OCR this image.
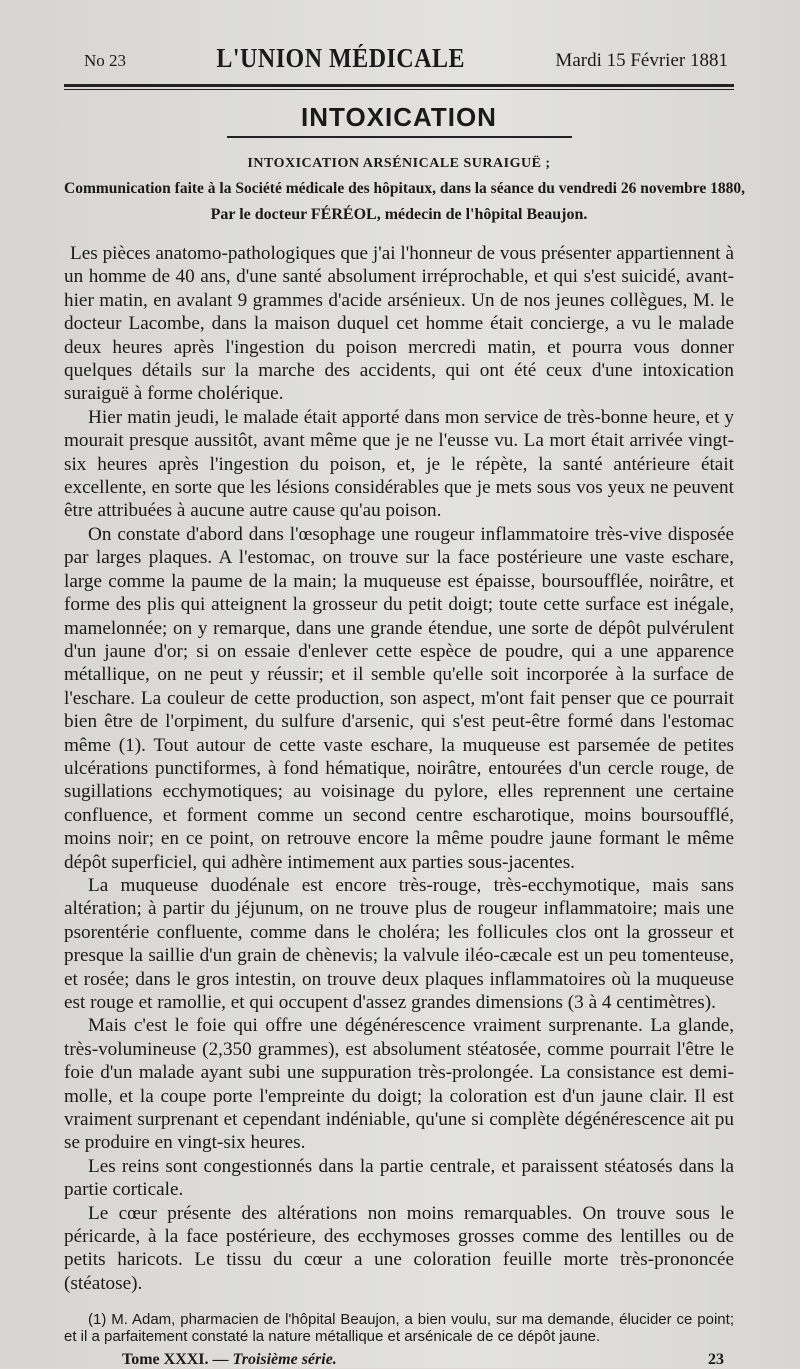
No 23	L'UNION MÉDICALE	Mardi 15 Février 1881
INTOXICATION
INTOXICATION ARSÉNICALE SURAIGUË ;
Communication faite à la Société médicale des hôpitaux, dans la séance du vendredi 26 novembre 1880,
Par le docteur FÉRÉOL, médecin de l'hôpital Beaujon.

Les pièces anatomo-pathologiques que j'ai l'honneur de vous présenter appartiennent à un homme de 40 ans, d'une santé absolument irréprochable, et qui s'est suicidé, avant-hier matin, en avalant 9 grammes d'acide arsénieux. Un de nos jeunes collègues, M. le docteur Lacombe, dans la maison duquel cet homme était concierge, a vu le malade deux heures après l'ingestion du poison mercredi matin, et pourra vous donner quelques détails sur la marche des accidents, qui ont été ceux d'une intoxication suraiguë à forme cholérique.

Hier matin jeudi, le malade était apporté dans mon service de très-bonne heure, et y mourait presque aussitôt, avant même que je ne l'eusse vu. La mort était arrivée vingt-six heures après l'ingestion du poison, et, je le répète, la santé antérieure était excellente, en sorte que les lésions considérables que je mets sous vos yeux ne peuvent être attribuées à aucune autre cause qu'au poison.

On constate d'abord dans l'œsophage une rougeur inflammatoire très-vive disposée par larges plaques. A l'estomac, on trouve sur la face postérieure une vaste eschare, large comme la paume de la main; la muqueuse est épaisse, boursoufflée, noirâtre, et forme des plis qui atteignent la grosseur du petit doigt; toute cette surface est inégale, mamelonnée; on y remarque, dans une grande étendue, une sorte de dépôt pulvérulent d'un jaune d'or; si on essaie d'enlever cette espèce de poudre, qui a une apparence métallique, on ne peut y réussir; et il semble qu'elle soit incorporée à la surface de l'eschare. La couleur de cette production, son aspect, m'ont fait penser que ce pourrait bien être de l'orpiment, du sulfure d'arsenic, qui s'est peut-être formé dans l'estomac même (1). Tout autour de cette vaste eschare, la muqueuse est parsemée de petites ulcérations punctiformes, à fond hématique, noirâtre, entourées d'un cercle rouge, de sugillations ecchymotiques; au voisinage du pylore, elles reprennent une certaine confluence, et forment comme un second centre escharotique, moins boursoufflé, moins noir; en ce point, on retrouve encore la même poudre jaune formant le même dépôt superficiel, qui adhère intimement aux parties sous-jacentes.

La muqueuse duodénale est encore très-rouge, très-ecchymotique, mais sans altération; à partir du jéjunum, on ne trouve plus de rougeur inflammatoire; mais une psorentérie confluente, comme dans le choléra; les follicules clos ont la grosseur et presque la saillie d'un grain de chènevis; la valvule iléo-cæcale est un peu tomenteuse, et rosée; dans le gros intestin, on trouve deux plaques inflammatoires où la muqueuse est rouge et ramollie, et qui occupent d'assez grandes dimensions (3 à 4 centimètres).

Mais c'est le foie qui offre une dégénérescence vraiment surprenante. La glande, très-volumineuse (2,350 grammes), est absolument stéatosée, comme pourrait l'être le foie d'un malade ayant subi une suppuration très-prolongée. La consistance est demi-molle, et la coupe porte l'empreinte du doigt; la coloration est d'un jaune clair. Il est vraiment surprenant et cependant indéniable, qu'une si complète dégénérescence ait pu se produire en vingt-six heures.

Les reins sont congestionnés dans la partie centrale, et paraissent stéatosés dans la partie corticale.

Le cœur présente des altérations non moins remarquables. On trouve sous le péricarde, à la face postérieure, des ecchymoses grosses comme des lentilles ou de petits haricots. Le tissu du cœur a une coloration feuille morte très-prononcée (stéatose).

(1) M. Adam, pharmacien de l'hôpital Beaujon, a bien voulu, sur ma demande, élucider ce point; et il a parfaitement constaté la nature métallique et arsénicale de ce dépôt jaune.

Tome XXXI. — Troisième série.	23
